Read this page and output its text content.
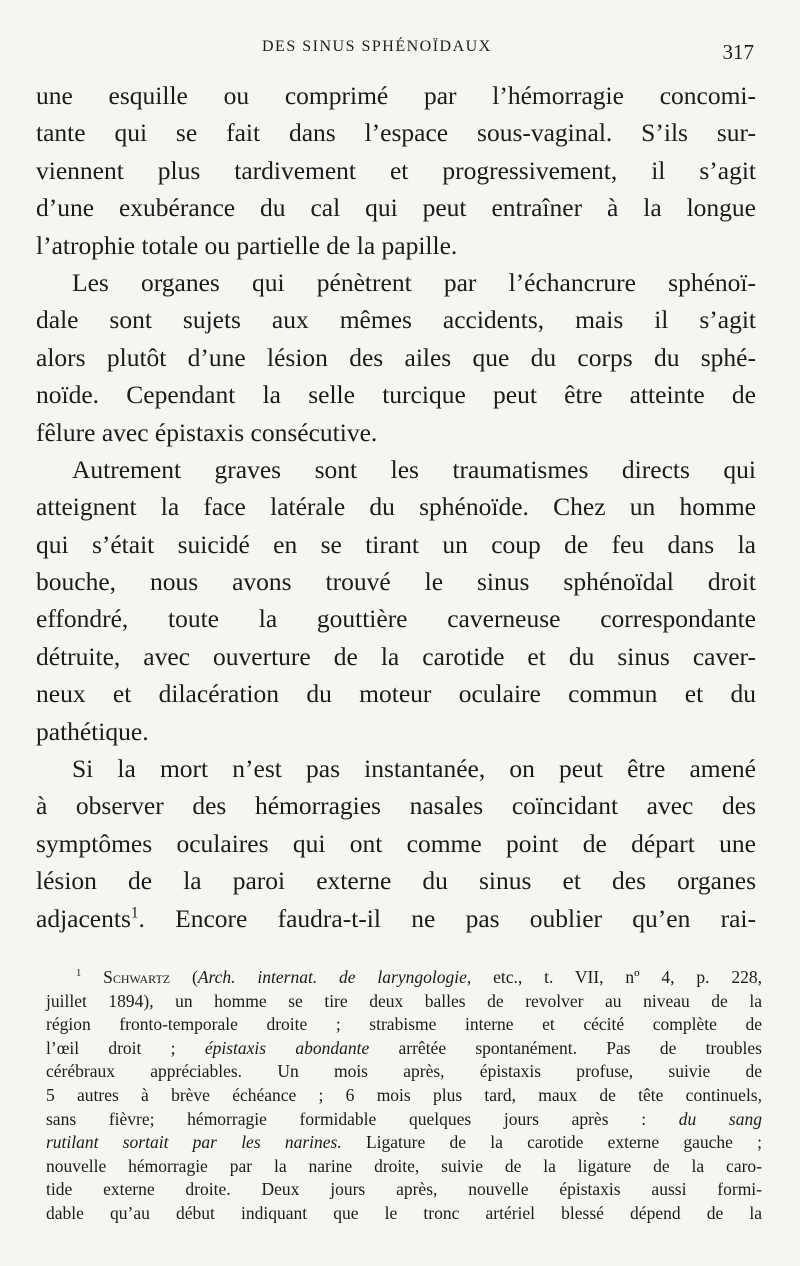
DES SINUS SPHÉNOÏDAUX	317
une esquille ou comprimé par l’hémorragie concomi-
tante qui se fait dans l’espace sous-vaginal. S’ils sur-
viennent plus tardivement et progressivement, il s’agit
d’une exubérance du cal qui peut entraîner à la longue
l’atrophie totale ou partielle de la papille.
Les organes qui pénètrent par l’échancrure sphénoï-
dale sont sujets aux mêmes accidents, mais il s’agit
alors plutôt d’une lésion des ailes que du corps du sphé-
noïde. Cependant la selle turcique peut être atteinte de
fêlure avec épistaxis consécutive.
Autrement graves sont les traumatismes directs qui
atteignent la face latérale du sphénoïde. Chez un homme
qui s’était suicidé en se tirant un coup de feu dans la
bouche, nous avons trouvé le sinus sphénoïdal droit
effondré, toute la gouttière caverneuse correspondante
détruite, avec ouverture de la carotide et du sinus caver-
neux et dilacération du moteur oculaire commun et du
pathétique.
Si la mort n’est pas instantanée, on peut être amené
à observer des hémorragies nasales coïncidant avec des
symptômes oculaires qui ont comme point de départ une
lésion de la paroi externe du sinus et des organes
adjacents$^1$. Encore faudra-t-il ne pas oublier qu’en rai-
$^1$ Schwartz (Arch. internat. de laryngologie, etc., t. VII, nº 4, p. 228,
juillet 1894), un homme se tire deux balles de revolver au niveau de la
région fronto-temporale droite ; strabisme interne et cécité complète de
l’œil droit ; épistaxis abondante arrêtée spontanément. Pas de troubles
cérébraux appréciables. Un mois après, épistaxis profuse, suivie de
5 autres à brève échéance ; 6 mois plus tard, maux de tête continuels,
sans fièvre; hémorragie formidable quelques jours après : du sang
rutilant sortait par les narines. Ligature de la carotide externe gauche ;
nouvelle hémorragie par la narine droite, suivie de la ligature de la caro-
tide externe droite. Deux jours après, nouvelle épistaxis aussi formi-
dable qu’au début indiquant que le tronc artériel blessé dépend de la
